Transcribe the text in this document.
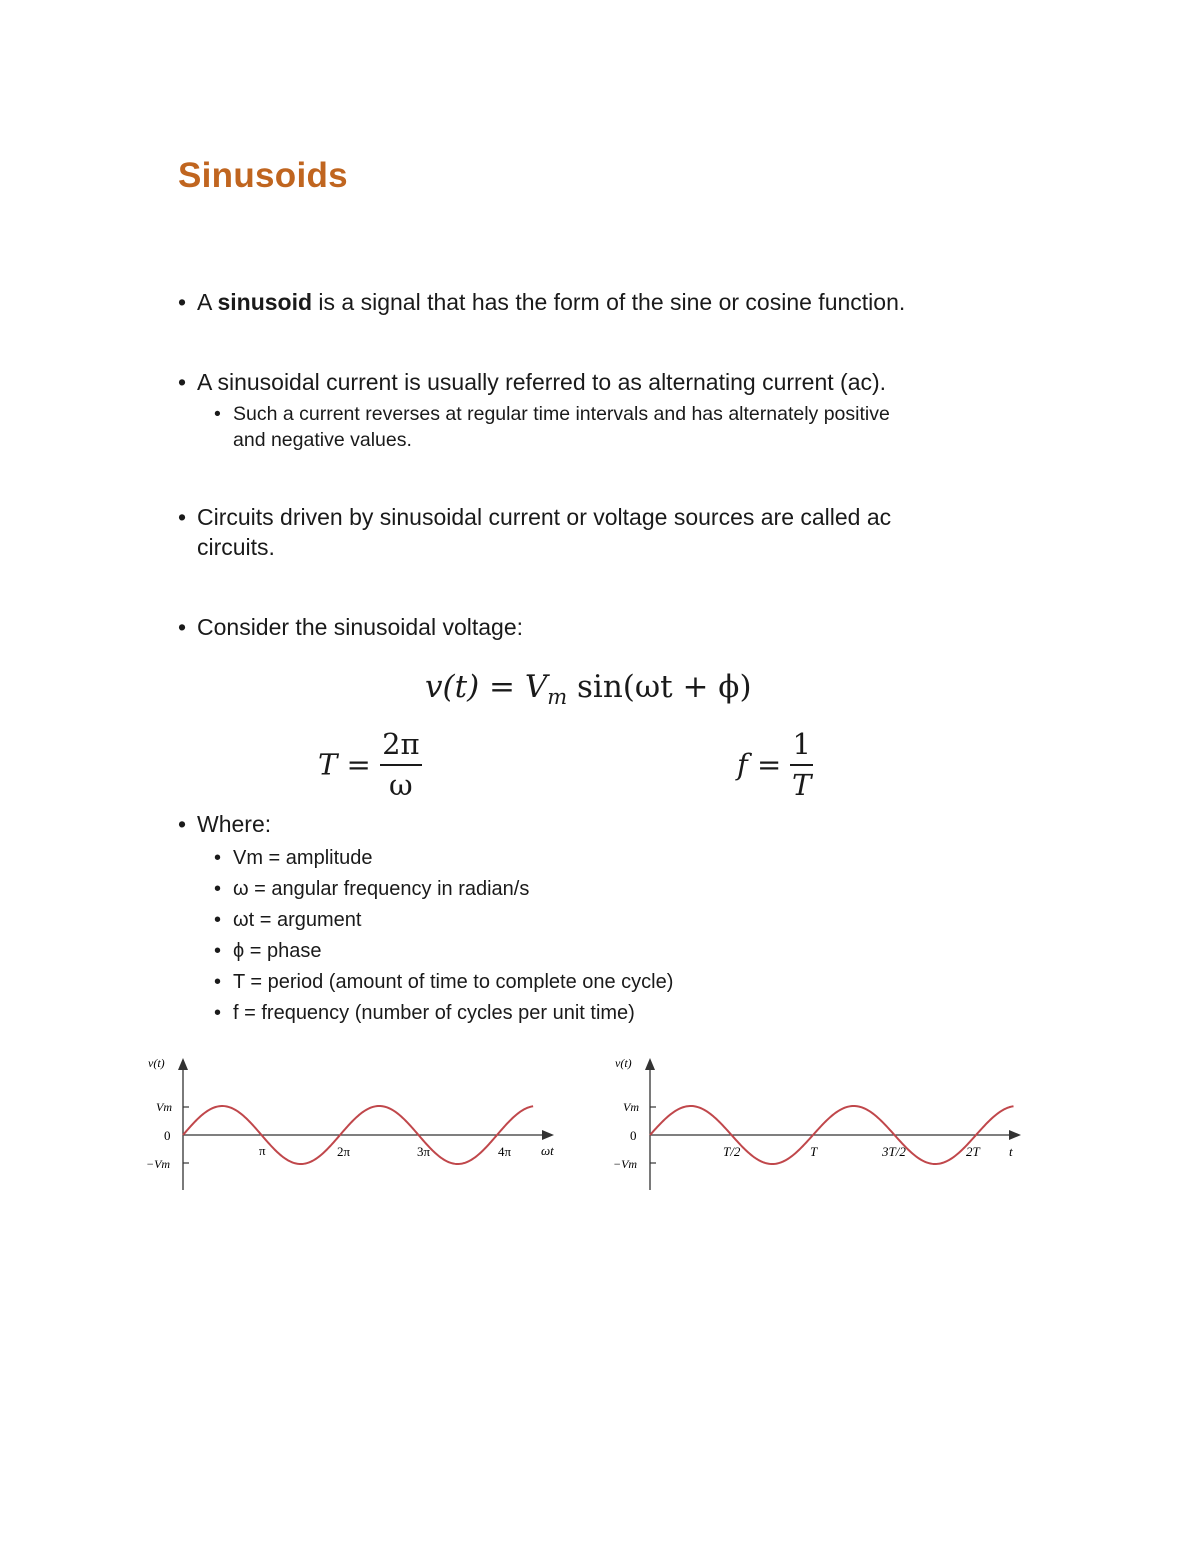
Sinusoids
• A sinusoid is a signal that has the form of the sine or cosine function.
• A sinusoidal current is usually referred to as alternating current (ac).
• Such a current reverses at regular time intervals and has alternately positive
and negative values.
• Circuits driven by sinusoidal current or voltage sources are called ac
circuits.
• Consider the sinusoidal voltage:
$v(t) = V_m$ sin(ωt + ϕ)
$T = \frac{2\pi}{\omega}$	$f = \frac{1}{T}$
• Where:
• Vm = amplitude
• ω = angular frequency in radian/s
• ωt = argument
• ϕ = phase
• T = period (amount of time to complete one cycle)
• f = frequency (number of cycles per unit time)
v(t)
Vm
0
−Vm
π	2π	3π	4π ωt
v(t)
Vm
0
−Vm
T/2	T	3T/2	2T t
